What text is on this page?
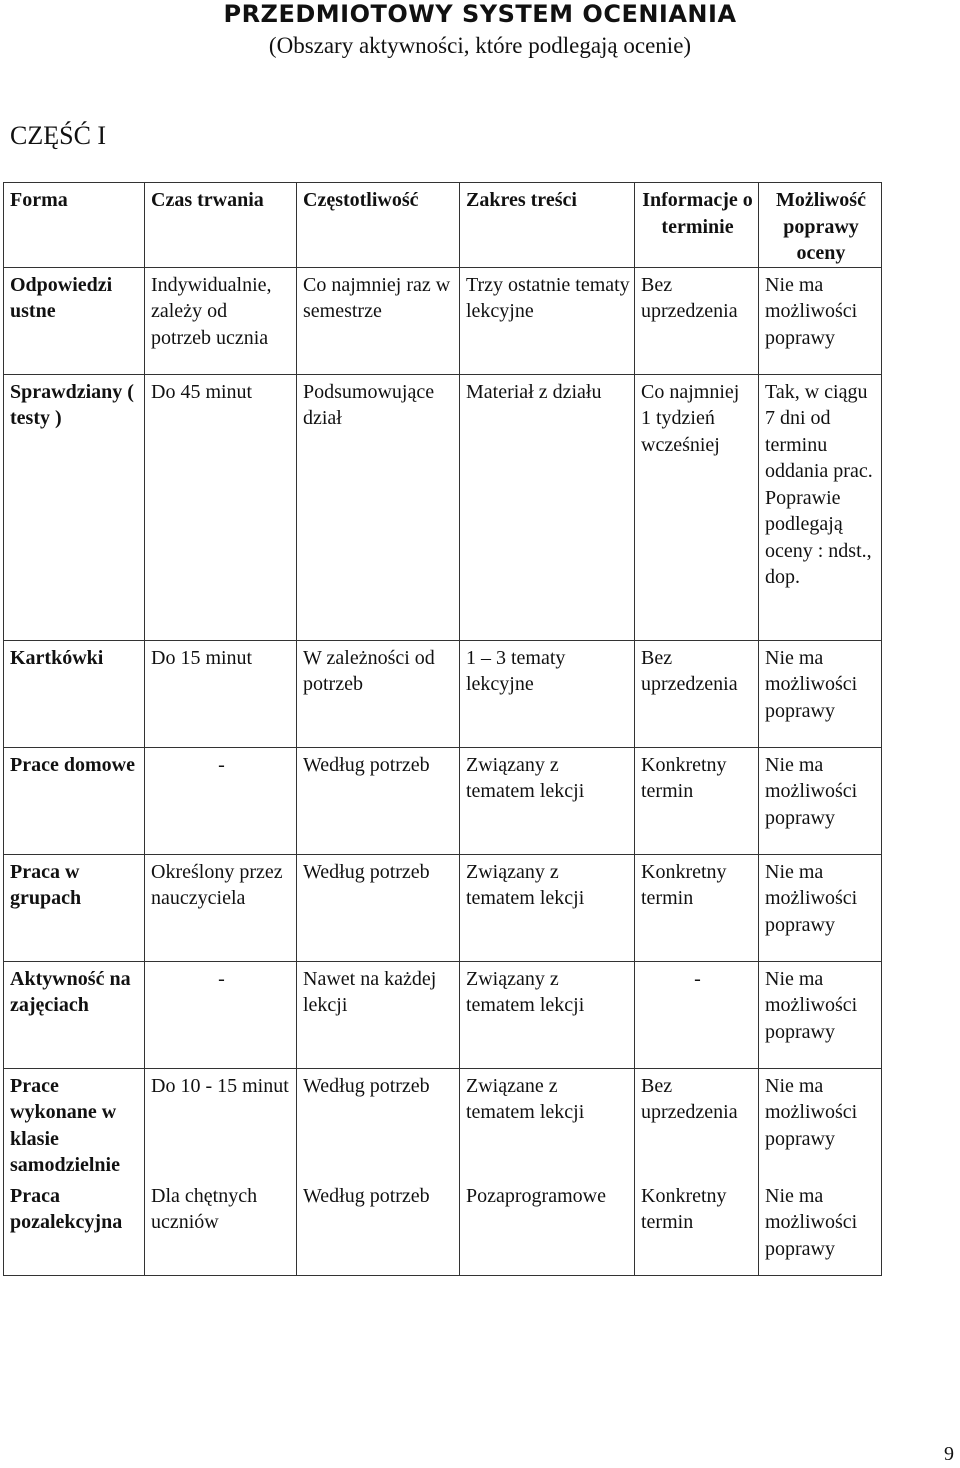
PRZEDMIOTOWY SYSTEM OCENIANIA
(Obszary aktywności, które podlegają ocenie)
CZĘŚĆ I
Forma	Czas trwania	Częstotliwość	Zakres treści	Informacje o terminie	Możliwość poprawy oceny
Odpowiedzi ustne	Indywidualnie, zależy od potrzeb ucznia	Co najmniej raz w semestrze	Trzy ostatnie tematy lekcyjne	Bez uprzedzenia	Nie ma możliwości poprawy
Sprawdziany ( testy )	Do 45 minut	Podsumowujące dział	Materiał z działu	Co najmniej 1 tydzień wcześniej	Tak, w ciągu 7 dni od terminu oddania prac. Poprawie podlegają oceny : ndst., dop.
Kartkówki	Do 15 minut	W zależności od potrzeb	1 – 3 tematy lekcyjne	Bez uprzedzenia	Nie ma możliwości poprawy
Prace domowe	-	Według potrzeb	Związany z tematem lekcji	Konkretny termin	Nie ma możliwości poprawy
Praca w grupach	Określony przez nauczyciela	Według potrzeb	Związany z tematem lekcji	Konkretny termin	Nie ma możliwości poprawy
Aktywność na zajęciach	-	Nawet na każdej lekcji	Związany z tematem lekcji	-	Nie ma możliwości poprawy
Prace wykonane w klasie samodzielnie	Do 10 - 15 minut	Według potrzeb	Związane z tematem lekcji	Bez uprzedzenia	Nie ma możliwości poprawy
Praca pozalekcyjna	Dla chętnych uczniów	Według potrzeb	Pozaprogramowe	Konkretny termin	Nie ma możliwości poprawy
9
